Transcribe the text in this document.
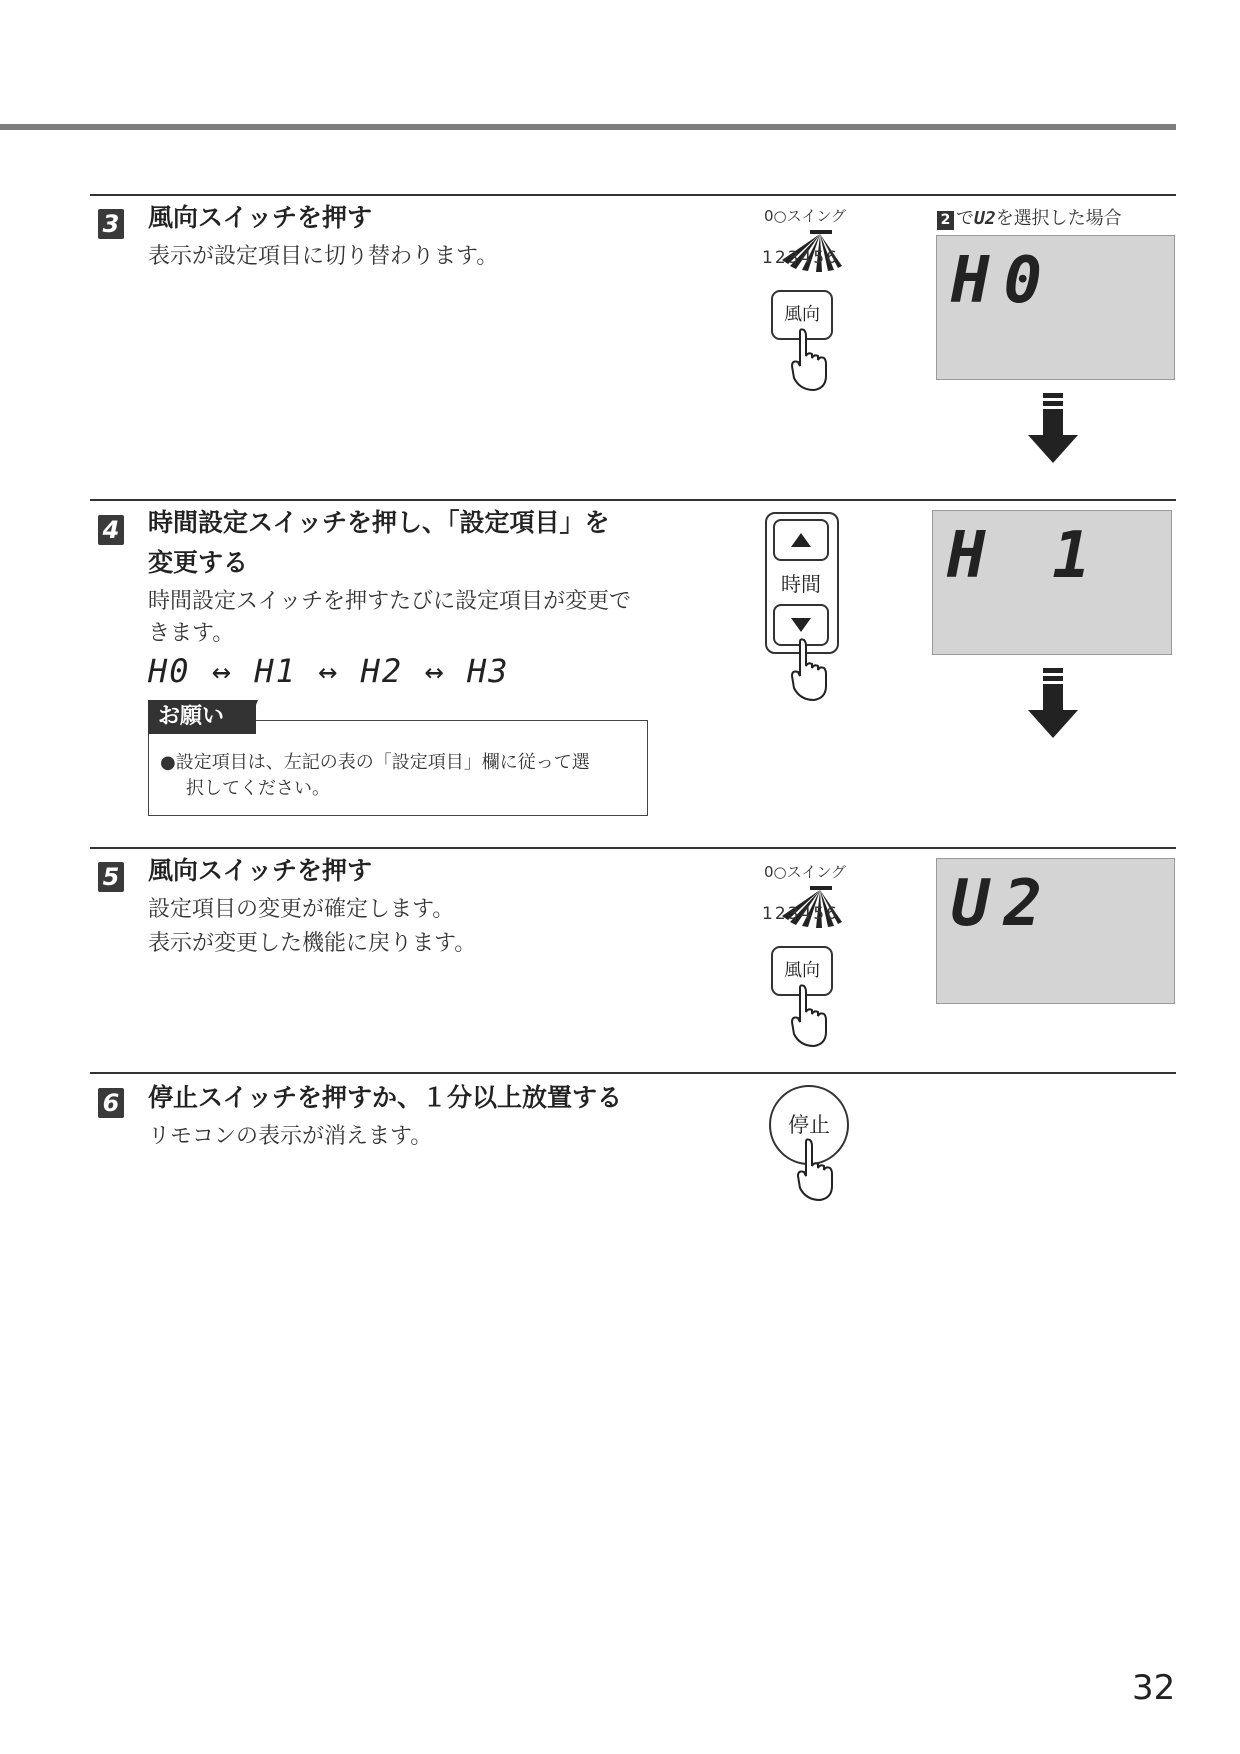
3 風向スイッチを押す
表示が設定項目に切り替わります。
4 時間設定スイッチを押し、「設定項目」を
変更する
時間設定スイッチを押すたびに設定項目が変更で
きます。
H0 ↔ H1 ↔ H2 ↔ H3
お願い
●設定項目は、左記の表の「設定項目」欄に従って選
択してください。
5 風向スイッチを押す
設定項目の変更が確定します。
表示が変更した機能に戻ります。
6 停止スイッチを押すか、１分以上放置する
リモコンの表示が消えます。
2 でU2を選択した場合
H0
H 1
U2
0○スイング
123456
風向
時間
0○スイング
123456
風向
停止
32
